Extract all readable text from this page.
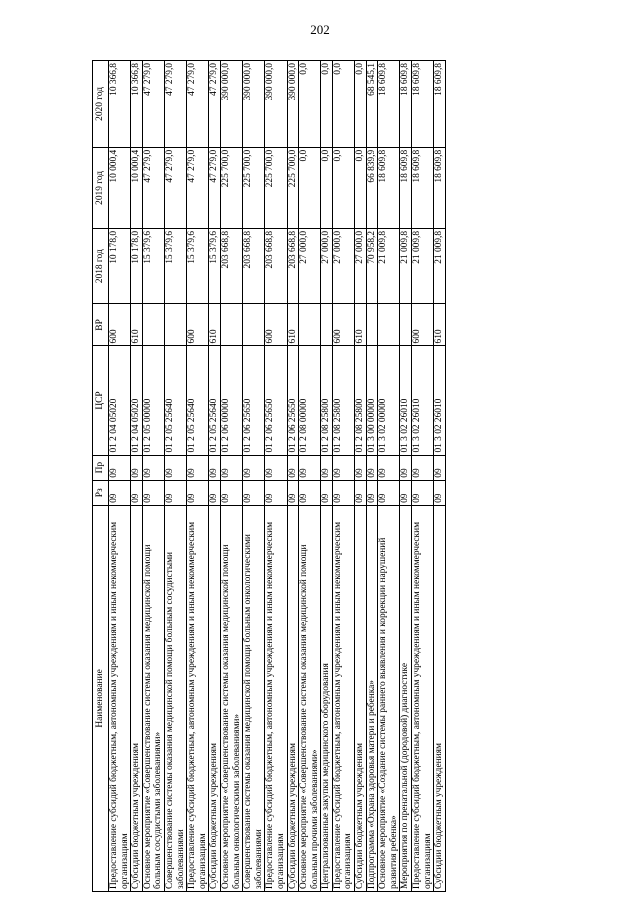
202
Наименование	Рз	Пр	ЦСР	ВР	2018 год	2019 год	2020 год
Предоставление субсидий бюджетным, автономным учреждениям и иным некоммерческим организациям	09	09	01 2 04 05020	600	10 178,0	10 000,4	10 366,8
Субсидии бюджетным учреждениям	09	09	01 2 04 05020	610	10 178,0	10 000,4	10 366,8
Основное мероприятие «Совершенствование системы оказания медицинской помощи больным сосудистыми заболеваниями»	09	09	01 2 05 00000		15 379,6	47 279,0	47 279,0
Совершенствование системы оказания медицинской помощи больным сосудистыми заболеваниями	09	09	01 2 05 25640		15 379,6	47 279,0	47 279,0
Предоставление субсидий бюджетным, автономным учреждениям и иным некоммерческим организациям	09	09	01 2 05 25640	600	15 379,6	47 279,0	47 279,0
Субсидии бюджетным учреждениям	09	09	01 2 05 25640	610	15 379,6	47 279,0	47 279,0
Основное мероприятие «Совершенствование системы оказания медицинской помощи больным онкологическими заболеваниями»	09	09	01 2 06 00000		203 668,8	225 700,0	390 000,0
Совершенствование системы оказания медицинской помощи больным онкологическими заболеваниями	09	09	01 2 06 25650		203 668,8	225 700,0	390 000,0
Предоставление субсидий бюджетным, автономным учреждениям и иным некоммерческим организациям	09	09	01 2 06 25650	600	203 668,8	225 700,0	390 000,0
Субсидии бюджетным учреждениям	09	09	01 2 06 25650	610	203 668,8	225 700,0	390 000,0
Основное мероприятие «Совершенствование системы оказания медицинской помощи больным прочими заболеваниями»	09	09	01 2 08 00000		27 000,0	0,0	0,0
Централизованные закупки медицинского оборудования	09	09	01 2 08 25800		27 000,0	0,0	0,0
Предоставление субсидий бюджетным, автономным учреждениям и иным некоммерческим организациям	09	09	01 2 08 25800	600	27 000,0	0,0	0,0
Субсидии бюджетным учреждениям	09	09	01 2 08 25800	610	27 000,0	0,0	0,0
Подпрограмма «Охрана здоровья матери и ребенка»	09	09	01 3 00 00000		70 958,2	66 839,9	68 545,1
Основное мероприятие «Создание системы раннего выявления и коррекции нарушений развития ребенка»	09	09	01 3 02 00000		21 009,8	18 609,8	18 609,8
Мероприятия по пренатальной (дородовой) диагностике	09	09	01 3 02 26010		21 009,8	18 609,8	18 609,8
Предоставление субсидий бюджетным, автономным учреждениям и иным некоммерческим организациям	09	09	01 3 02 26010	600	21 009,8	18 609,8	18 609,8
Субсидии бюджетным учреждениям	09	09	01 3 02 26010	610	21 009,8	18 609,8	18 609,8
